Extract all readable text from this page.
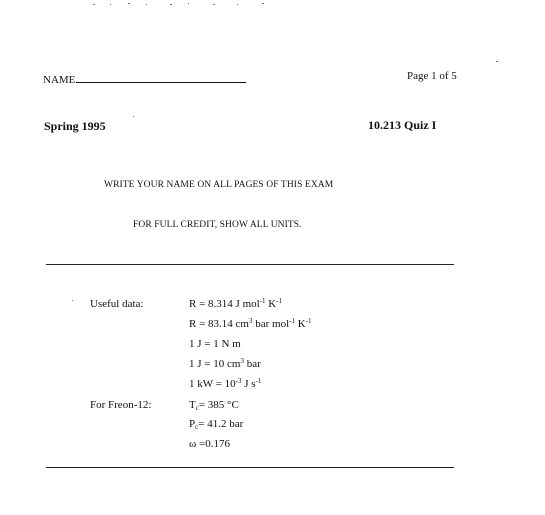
NAME	Page 1 of 5
Spring 1995	10.213 Quiz I
WRITE YOUR NAME ON ALL PAGES OF THIS EXAM
FOR FULL CREDIT, SHOW ALL UNITS.
Useful data:	R = 8.314 J mol$^{-1}$ $K^{-1}$
R = 83.14 $cm^3$ bar mol$^{-1}$ $K^{-1}$
1 J = 1 N m
1 J = 10 $cm^3$ bar
1 kW = $10^{-3}$ J $s^{-1}$
For Freon-12:	$T_c= 385$ °C
$P_c= 41.2$ bar
ω =0.176
